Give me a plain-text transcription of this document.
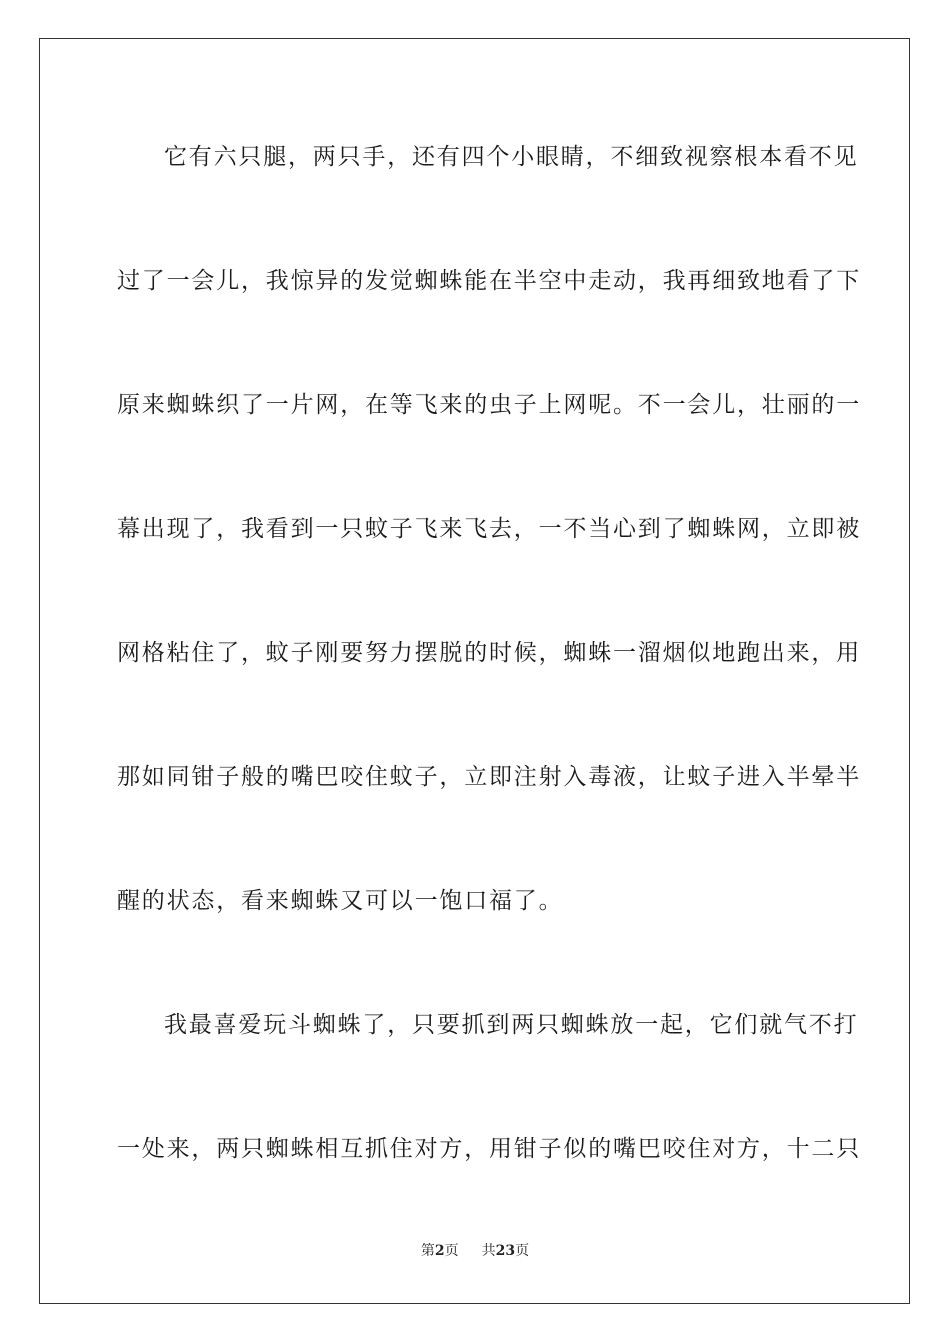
它有六只腿，两只手，还有四个小眼睛，不细致视察根本看不见
过了一会儿，我惊异的发觉蜘蛛能在半空中走动，我再细致地看了下
原来蜘蛛织了一片网，在等飞来的虫子上网呢。不一会儿，壮丽的一
幕出现了，我看到一只蚊子飞来飞去，一不当心到了蜘蛛网，立即被
网格粘住了，蚊子刚要努力摆脱的时候，蜘蛛一溜烟似地跑出来，用
那如同钳子般的嘴巴咬住蚊子，立即注射入毒液，让蚊子进入半晕半
醒的状态，看来蜘蛛又可以一饱口福了。
我最喜爱玩斗蜘蛛了，只要抓到两只蜘蛛放一起，它们就气不打
一处来，两只蜘蛛相互抓住对方，用钳子似的嘴巴咬住对方，十二只
第2页 共23页
